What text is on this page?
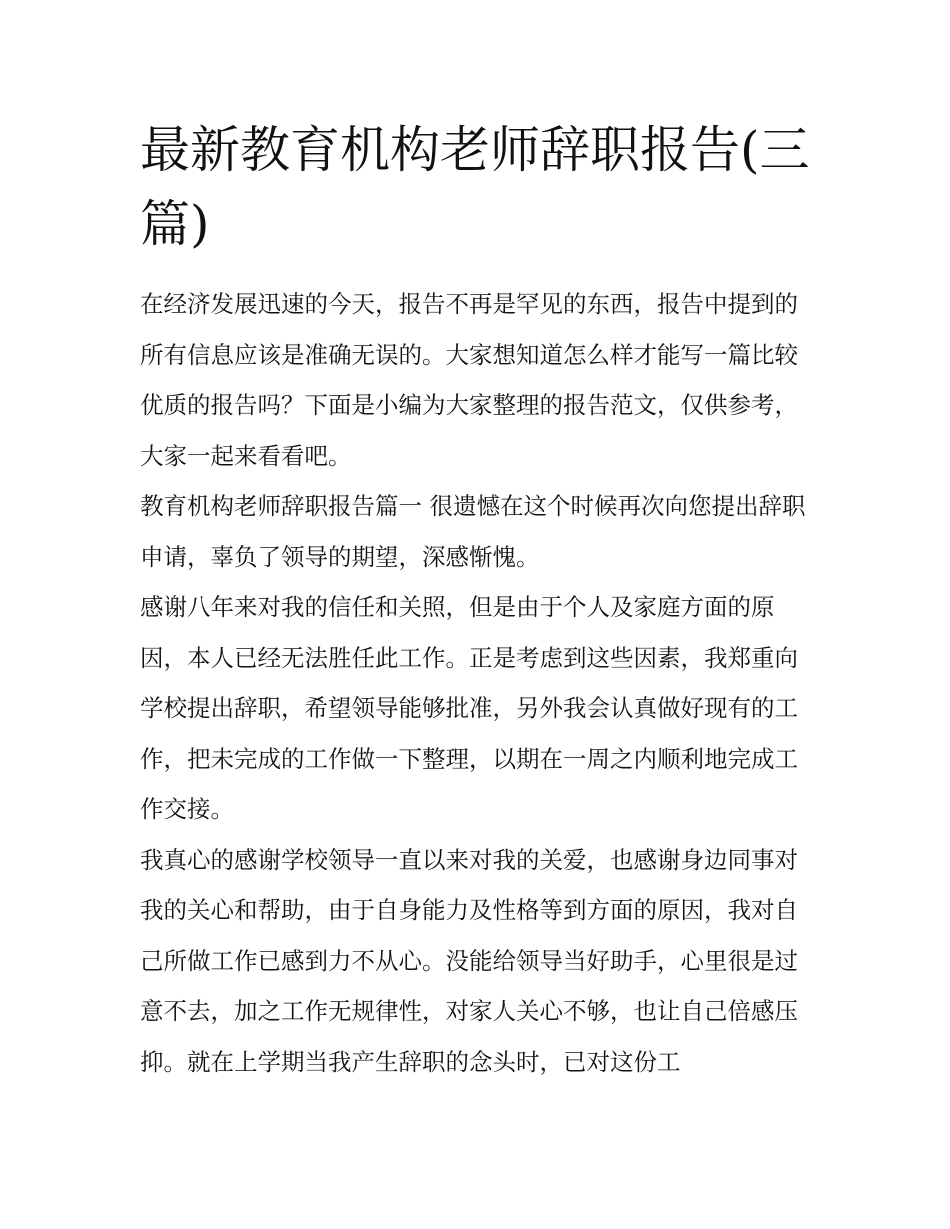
最新教育机构老师辞职报告(三篇)

在经济发展迅速的今天，报告不再是罕见的东西，报告中提到的所有信息应该是准确无误的。大家想知道怎么样才能写一篇比较优质的报告吗？下面是小编为大家整理的报告范文，仅供参考，大家一起来看看吧。

教育机构老师辞职报告篇一 很遗憾在这个时候再次向您提出辞职申请，辜负了领导的期望，深感惭愧。

感谢八年来对我的信任和关照，但是由于个人及家庭方面的原因，本人已经无法胜任此工作。正是考虑到这些因素，我郑重向学校提出辞职，希望领导能够批准，另外我会认真做好现有的工作，把未完成的工作做一下整理，以期在一周之内顺利地完成工作交接。

我真心的感谢学校领导一直以来对我的关爱，也感谢身边同事对我的关心和帮助，由于自身能力及性格等到方面的原因，我对自己所做工作已感到力不从心。没能给领导当好助手，心里很是过意不去，加之工作无规律性，对家人关心不够，也让自己倍感压抑。就在上学期当我产生辞职的念头时，已对这份工
